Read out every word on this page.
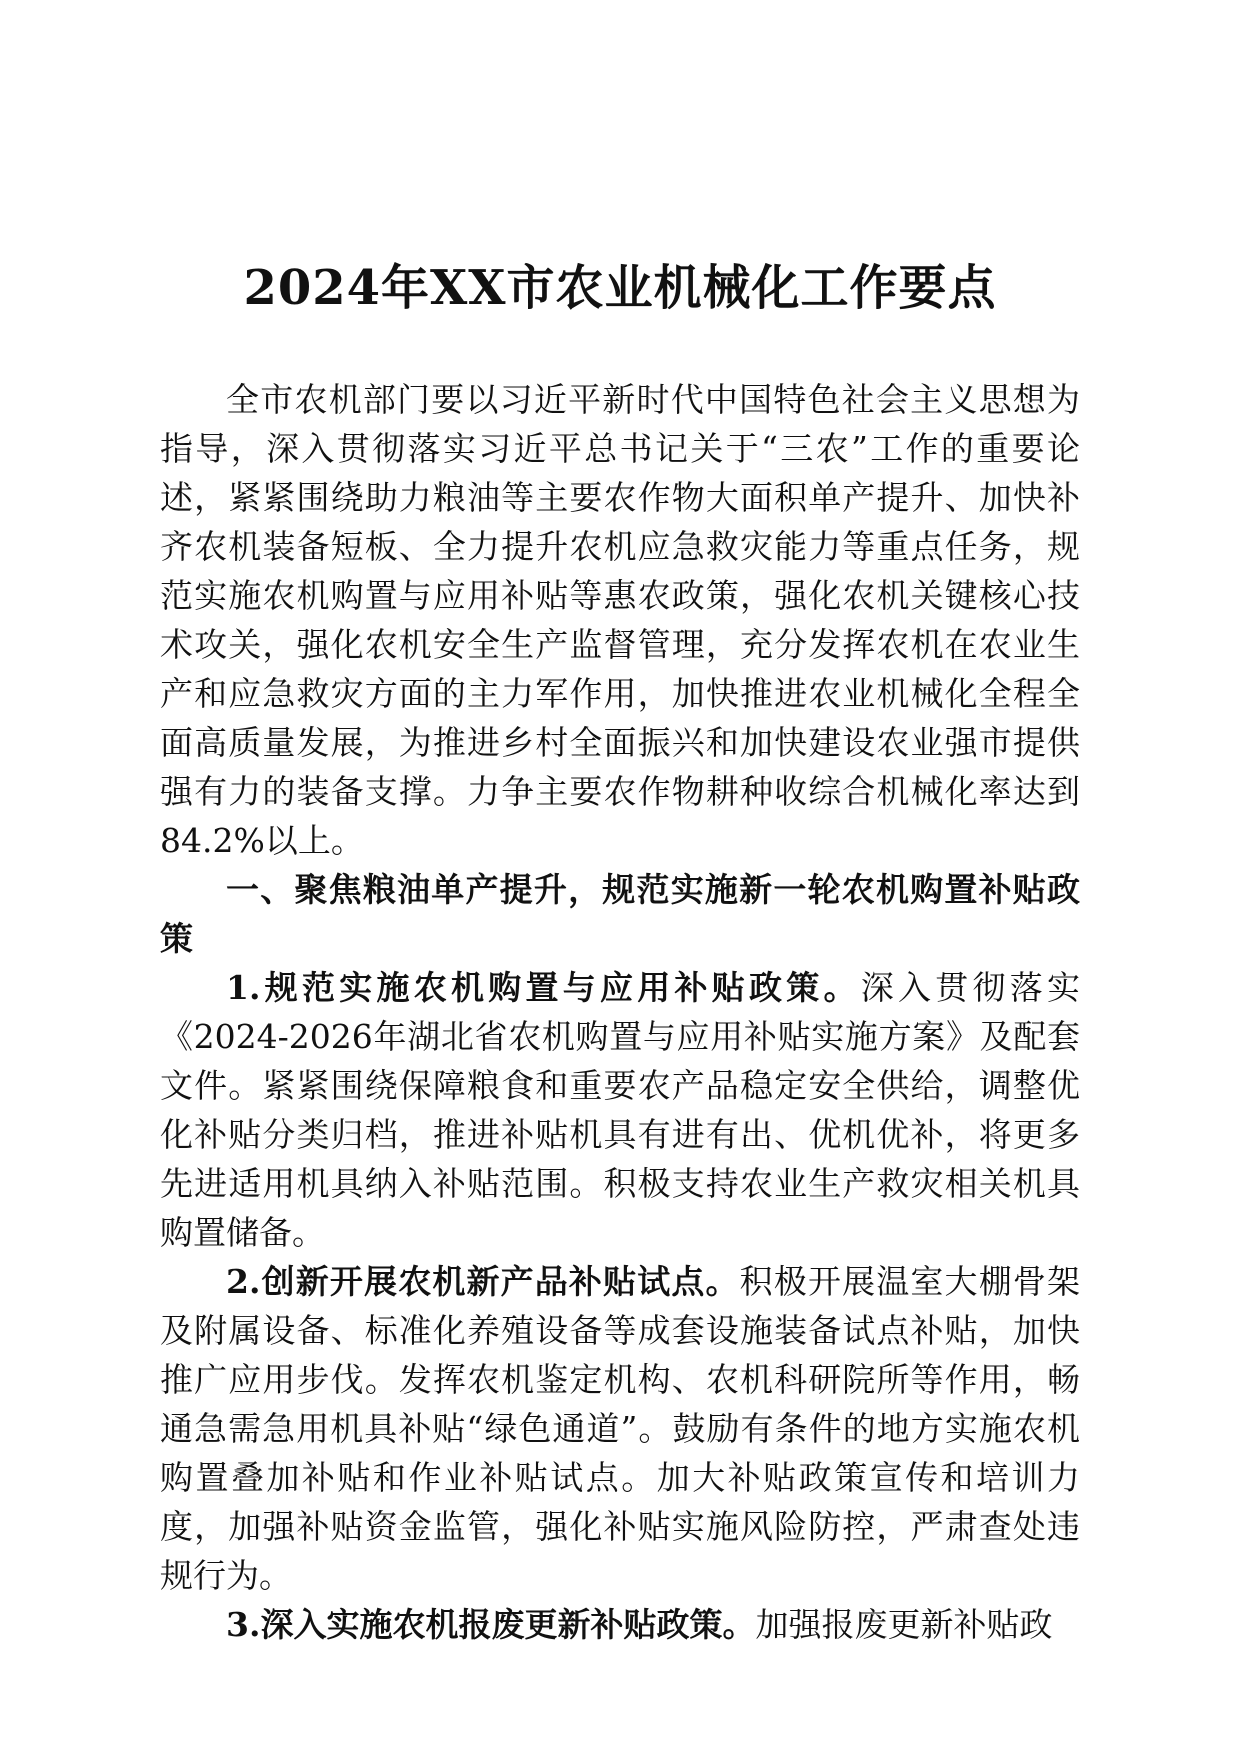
2024年XX市农业机械化工作要点

全市农机部门要以习近平新时代中国特色社会主义思想为指导，深入贯彻落实习近平总书记关于“三农”工作的重要论述，紧紧围绕助力粮油等主要农作物大面积单产提升、加快补齐农机装备短板、全力提升农机应急救灾能力等重点任务，规范实施农机购置与应用补贴等惠农政策，强化农机关键核心技术攻关，强化农机安全生产监督管理，充分发挥农机在农业生产和应急救灾方面的主力军作用，加快推进农业机械化全程全面高质量发展，为推进乡村全面振兴和加快建设农业强市提供强有力的装备支撑。力争主要农作物耕种收综合机械化率达到84.2%以上。

一、聚焦粮油单产提升，规范实施新一轮农机购置补贴政策

1.规范实施农机购置与应用补贴政策。深入贯彻落实《2024-2026年湖北省农机购置与应用补贴实施方案》及配套文件。紧紧围绕保障粮食和重要农产品稳定安全供给，调整优化补贴分类归档，推进补贴机具有进有出、优机优补，将更多先进适用机具纳入补贴范围。积极支持农业生产救灾相关机具购置储备。

2.创新开展农机新产品补贴试点。积极开展温室大棚骨架及附属设备、标准化养殖设备等成套设施装备试点补贴，加快推广应用步伐。发挥农机鉴定机构、农机科研院所等作用，畅通急需急用机具补贴“绿色通道”。鼓励有条件的地方实施农机购置叠加补贴和作业补贴试点。加大补贴政策宣传和培训力度，加强补贴资金监管，强化补贴实施风险防控，严肃查处违规行为。

3.深入实施农机报废更新补贴政策。加强报废更新补贴政
